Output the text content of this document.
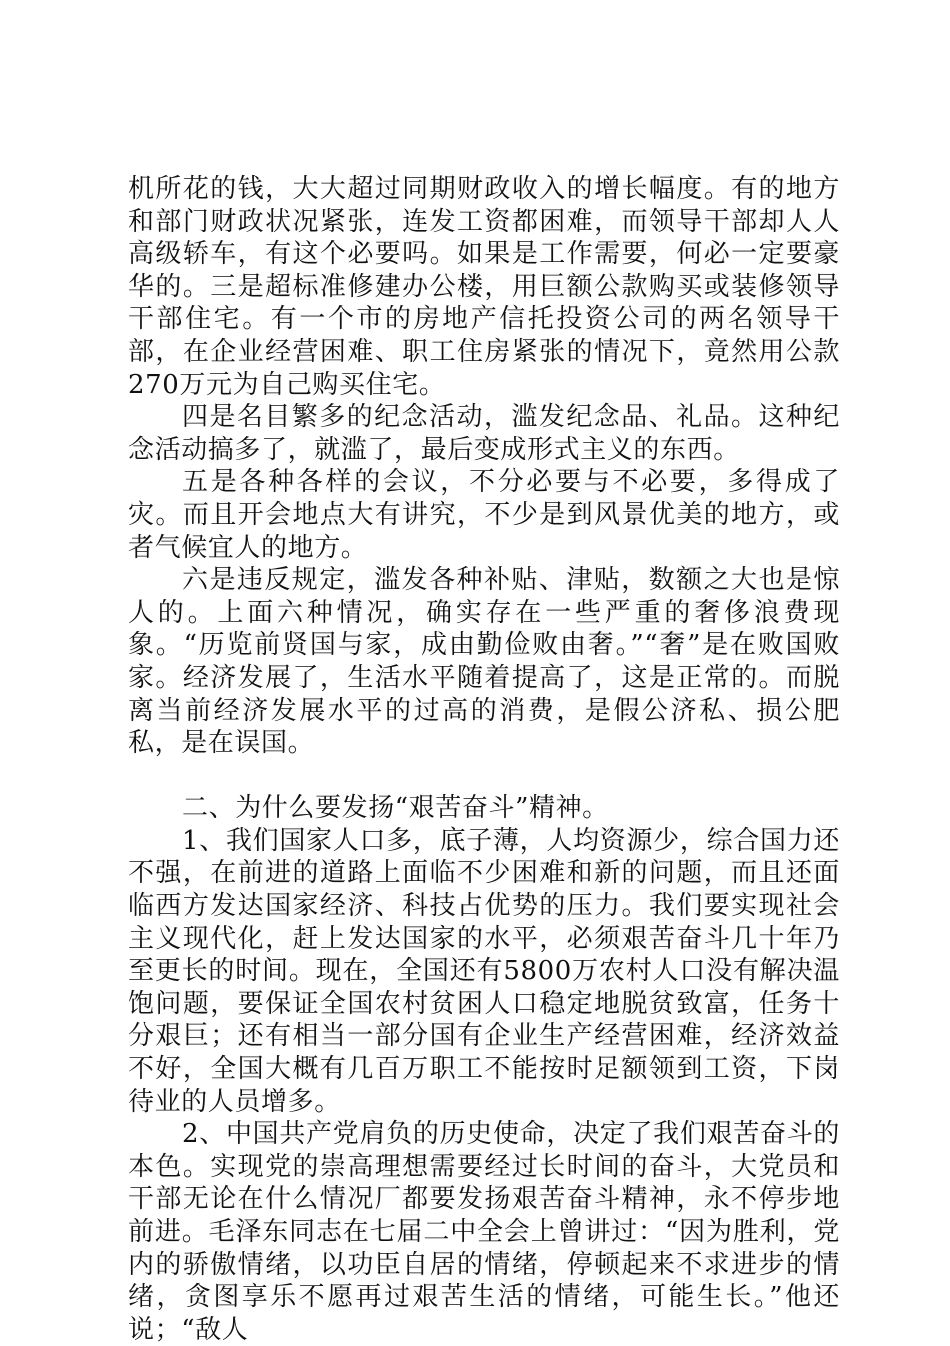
机所花的钱，大大超过同期财政收入的增长幅度。有的地方和部门财政状况紧张，连发工资都困难，而领导干部却人人高级轿车，有这个必要吗。如果是工作需要，何必一定要豪华的。三是超标准修建办公楼，用巨额公款购买或装修领导干部住宅。有一个市的房地产信托投资公司的两名领导干部，在企业经营困难、职工住房紧张的情况下，竟然用公款270万元为自己购买住宅。

四是名目繁多的纪念活动，滥发纪念品、礼品。这种纪念活动搞多了，就滥了，最后变成形式主义的东西。

五是各种各样的会议，不分必要与不必要，多得成了灾。而且开会地点大有讲究，不少是到风景优美的地方，或者气候宜人的地方。

六是违反规定，滥发各种补贴、津贴，数额之大也是惊人的。上面六种情况，确实存在一些严重的奢侈浪费现象。“历览前贤国与家，成由勤俭败由奢。”“奢”是在败国败家。经济发展了，生活水平随着提高了，这是正常的。而脱离当前经济发展水平的过高的消费，是假公济私、损公肥私，是在误国。

二、为什么要发扬“艰苦奋斗”精神。

1、我们国家人口多，底子薄，人均资源少，综合国力还不强，在前进的道路上面临不少困难和新的问题，而且还面临西方发达国家经济、科技占优势的压力。我们要实现社会主义现代化，赶上发达国家的水平，必须艰苦奋斗几十年乃至更长的时间。现在，全国还有5800万农村人口没有解决温饱问题，要保证全国农村贫困人口稳定地脱贫致富，任务十分艰巨；还有相当一部分国有企业生产经营困难，经济效益不好，全国大概有几百万职工不能按时足额领到工资，下岗待业的人员增多。

2、中国共产党肩负的历史使命，决定了我们艰苦奋斗的本色。实现党的崇高理想需要经过长时间的奋斗，大党员和干部无论在什么情况厂都要发扬艰苦奋斗精神，永不停步地前进。毛泽东同志在七届二中全会上曾讲过：“因为胜利，党内的骄傲情绪，以功臣自居的情绪，停顿起来不求进步的情绪，贪图享乐不愿再过艰苦生活的情绪，可能生长。”他还说；“敌人
